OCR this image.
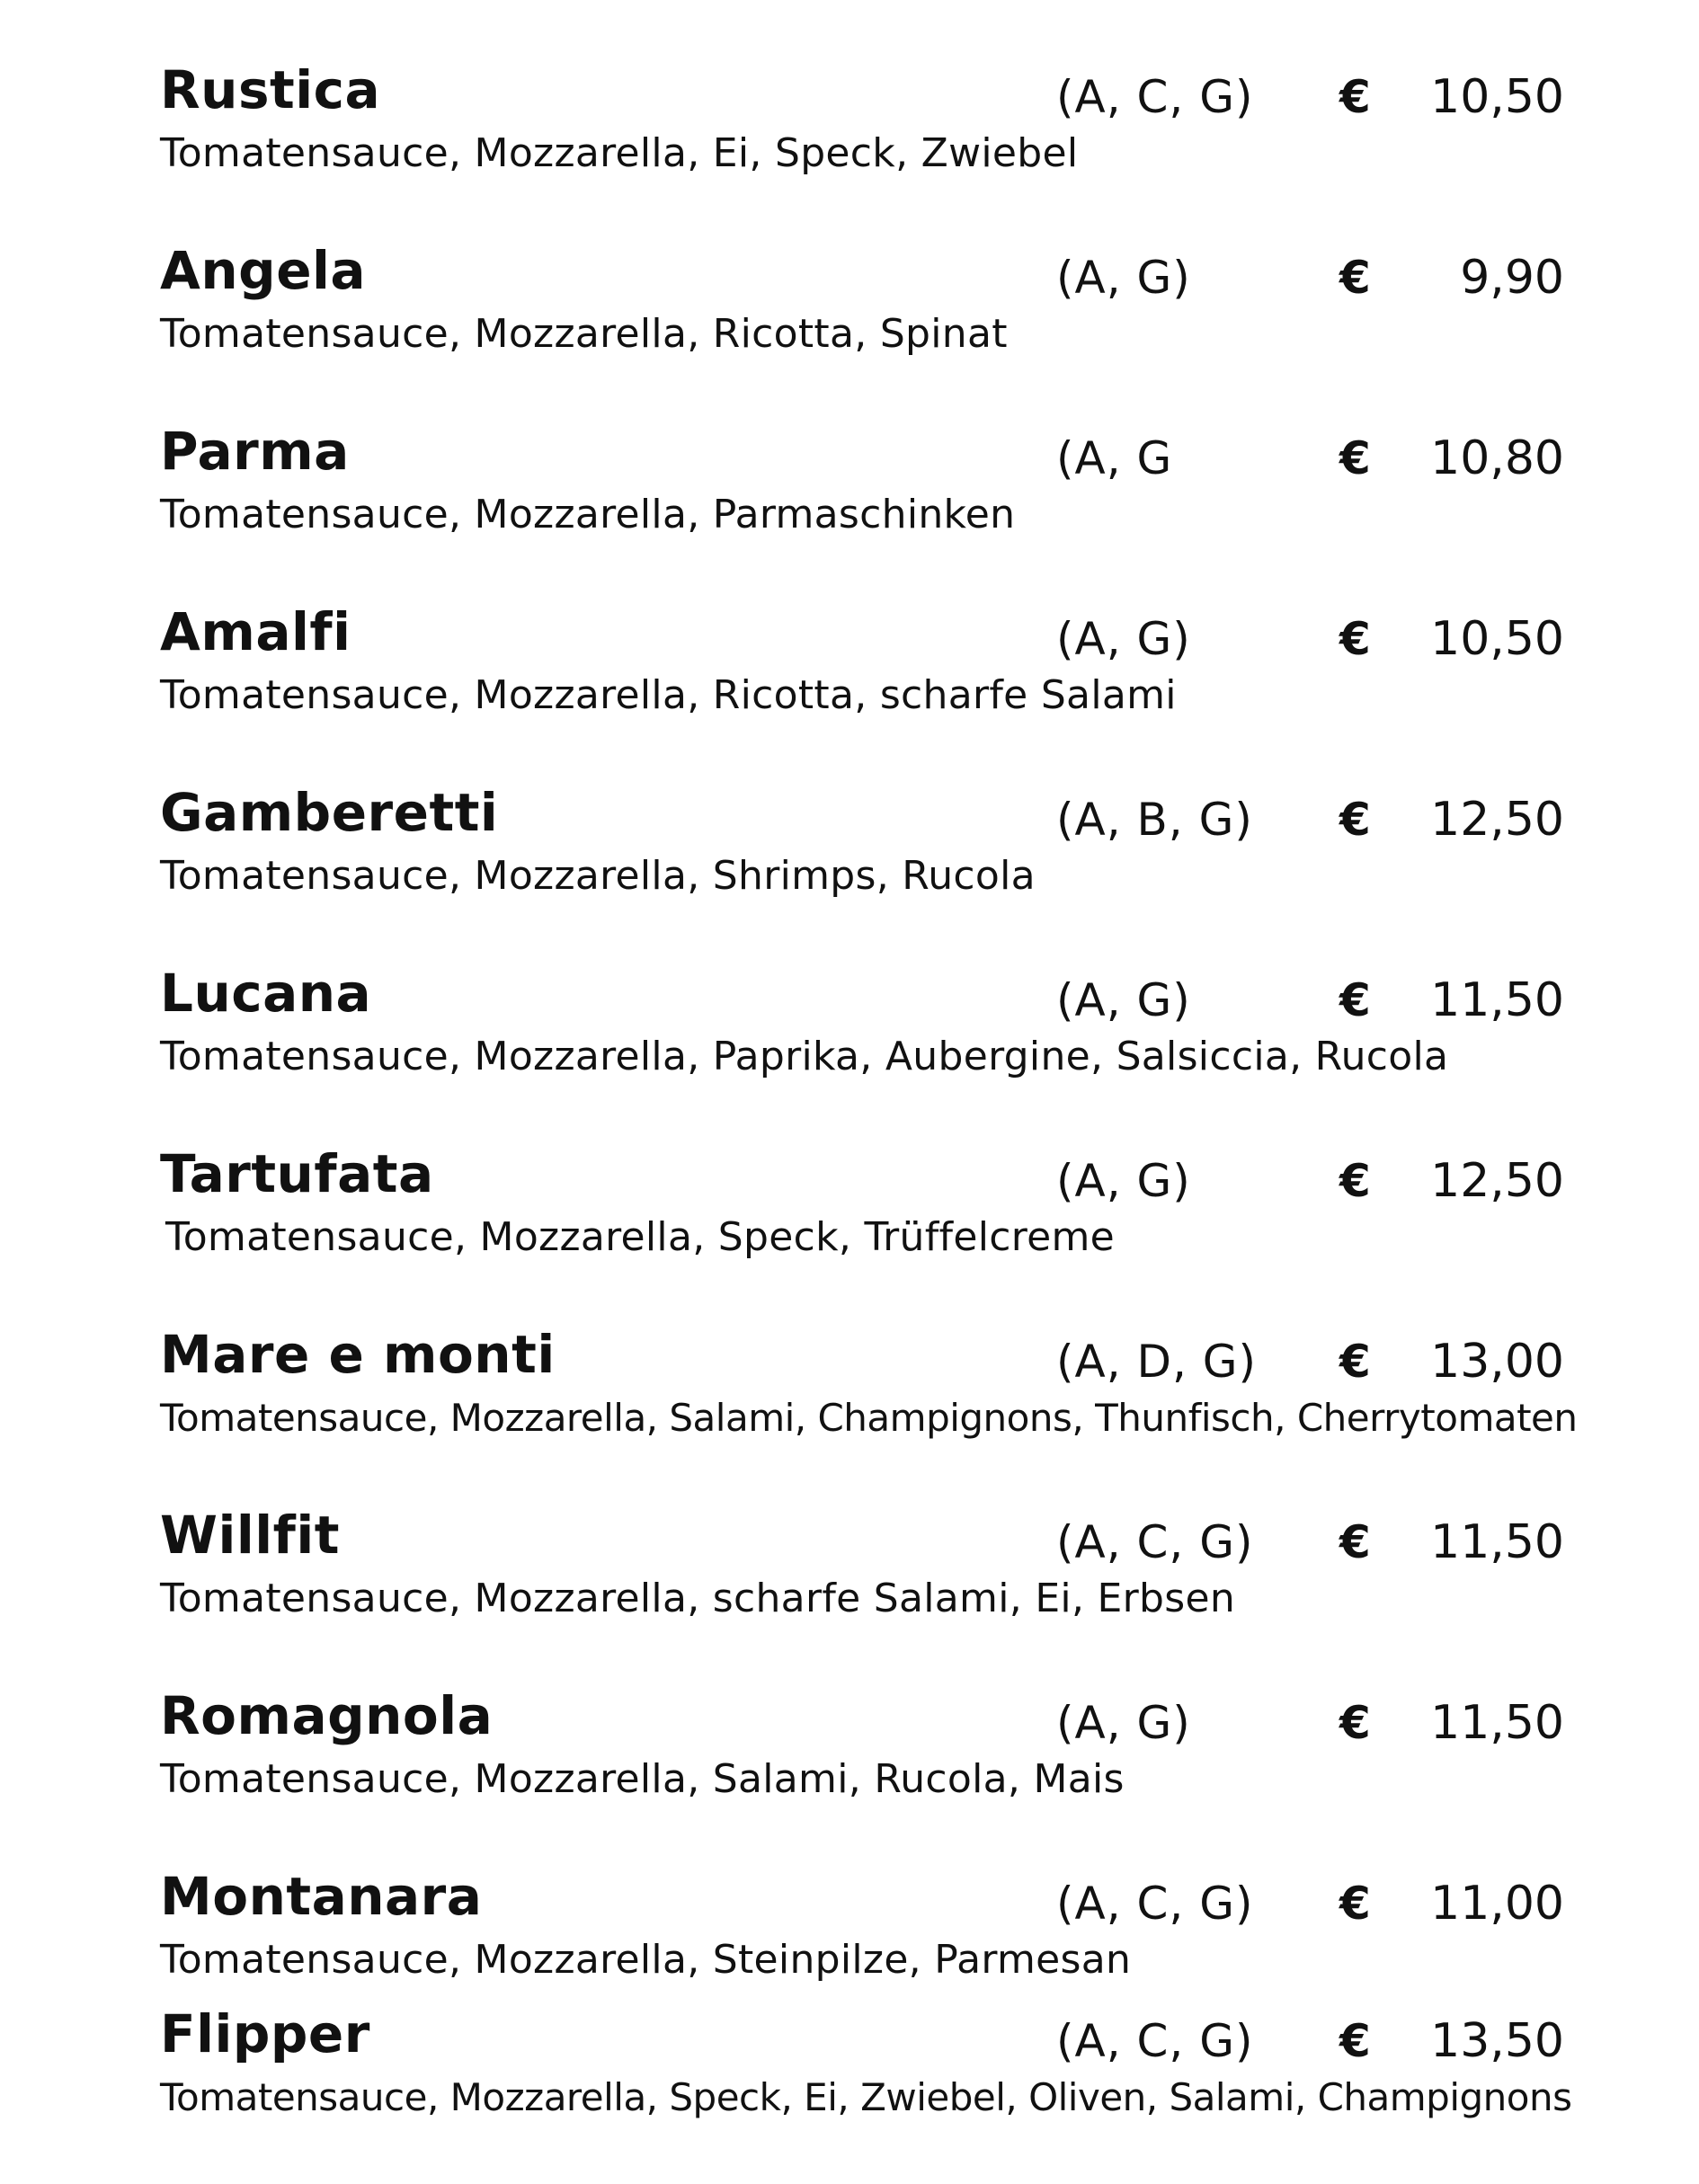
Rustica	(A, C, G) €	10,50
Tomatensauce, Mozzarella, Ei, Speck, Zwiebel
Angela	(A, G)	€	9,90
Tomatensauce, Mozzarella, Ricotta, Spinat
Parma	(A, G	€	10,80
Tomatensauce, Mozzarella, Parmaschinken
Amalfi	(A, G)	€	10,50
Tomatensauce, Mozzarella, Ricotta, scharfe Salami
Gamberetti	(A, B, G) €	12,50
Tomatensauce, Mozzarella, Shrimps, Rucola
Lucana	(A, G)	€	11,50
Tomatensauce, Mozzarella, Paprika, Aubergine, Salsiccia, Rucola
Tartufata	(A, G)	€	12,50
Tomatensauce, Mozzarella, Speck, Trüffelcreme
Mare e monti	(A, D, G) €	13,00
Tomatensauce, Mozzarella, Salami, Champignons, Thunfisch, Cherrytomaten
Willfit	(A, C, G) €	11,50
Tomatensauce, Mozzarella, scharfe Salami, Ei, Erbsen
Romagnola	(A, G)	€	11,50
Tomatensauce, Mozzarella, Salami, Rucola, Mais
Montanara	(A, C, G) €	11,00
Tomatensauce, Mozzarella, Steinpilze, Parmesan
Flipper	(A, C, G) €	13,50
Tomatensauce, Mozzarella, Speck, Ei, Zwiebel, Oliven, Salami, Champignons
